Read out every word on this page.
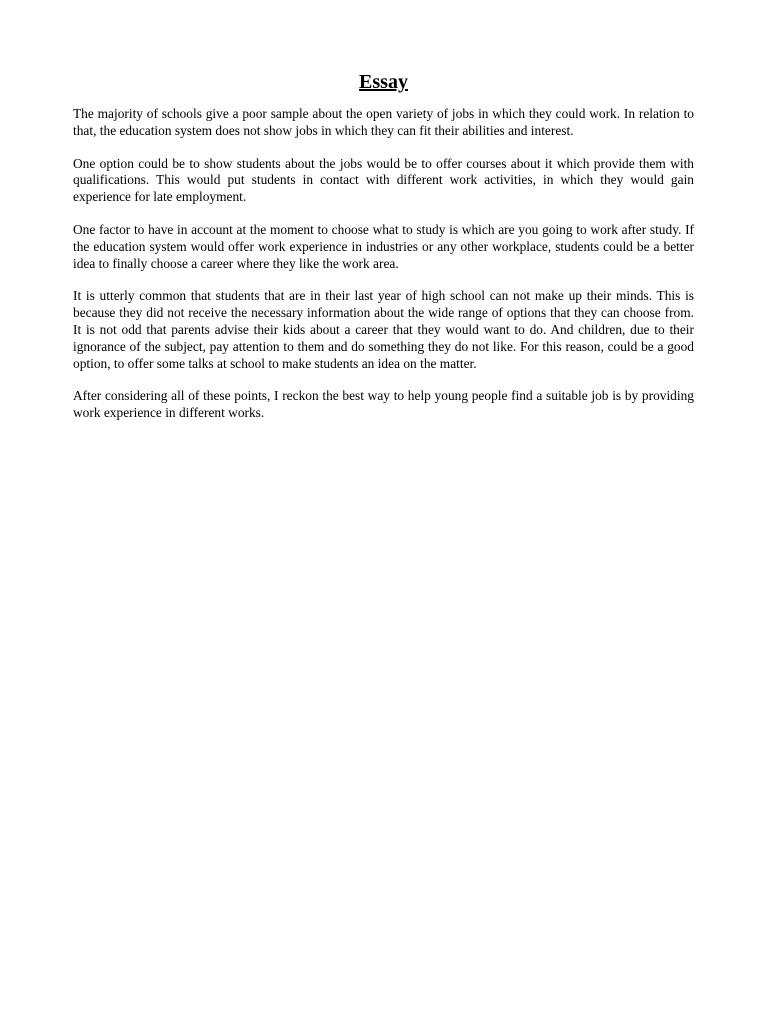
Essay

The majority of schools give a poor sample about the open variety of jobs in which they could work. In relation to that, the education system does not show jobs in which they can fit their abilities and interest.

One option could be to show students about the jobs would be to offer courses about it which provide them with qualifications. This would put students in contact with different work activities, in which they would gain experience for late employment.

One factor to have in account at the moment to choose what to study is which are you going to work after study. If the education system would offer work experience in industries or any other workplace, students could be a better idea to finally choose a career where they like the work area.

It is utterly common that students that are in their last year of high school can not make up their minds. This is because they did not receive the necessary information about the wide range of options that they can choose from. It is not odd that parents advise their kids about a career that they would want to do. And children, due to their ignorance of the subject, pay attention to them and do something they do not like. For this reason, could be a good option, to offer some talks at school to make students an idea on the matter.

After considering all of these points, I reckon the best way to help young people find a suitable job is by providing work experience in different works.
